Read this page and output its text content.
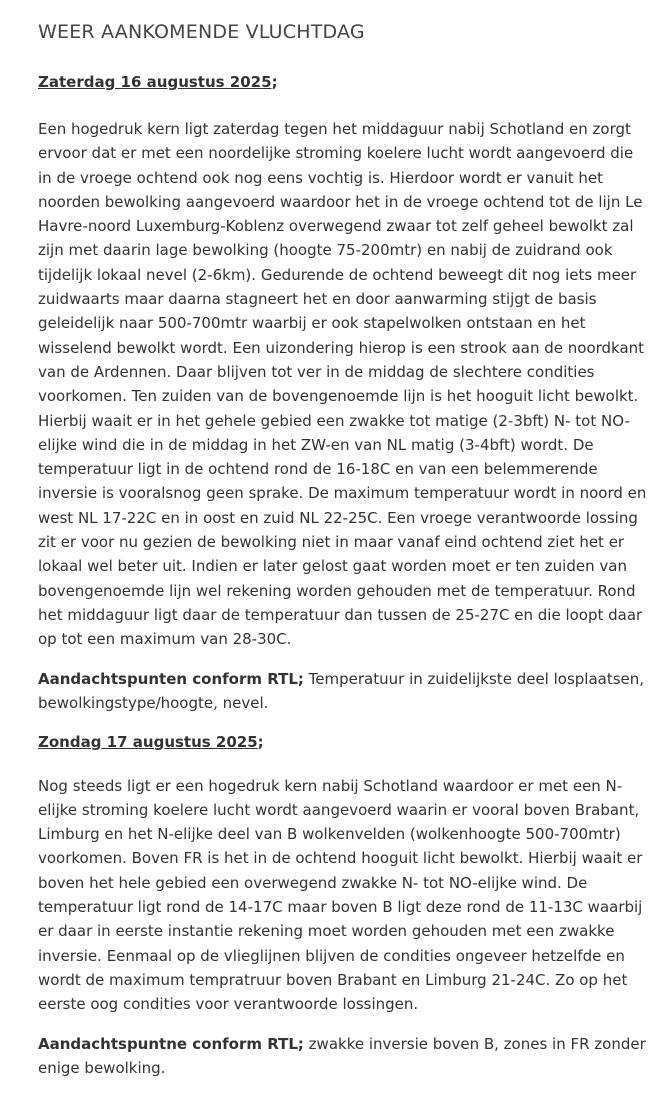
WEER AANKOMENDE VLUCHTDAG

Zaterdag 16 augustus 2025;

Een hogedruk kern ligt zaterdag tegen het middaguur nabij Schotland en zorgt ervoor dat er met een noordelijke stroming koelere lucht wordt aangevoerd die in de vroege ochtend ook nog eens vochtig is. Hierdoor wordt er vanuit het noorden bewolking aangevoerd waardoor het in de vroege ochtend tot de lijn Le Havre-noord Luxemburg-Koblenz overwegend zwaar tot zelf geheel bewolkt zal zijn met daarin lage bewolking (hoogte 75-200mtr) en nabij de zuidrand ook tijdelijk lokaal nevel (2-6km). Gedurende de ochtend beweegt dit nog iets meer zuidwaarts maar daarna stagneert het en door aanwarming stijgt de basis geleidelijk naar 500-700mtr waarbij er ook stapelwolken ontstaan en het wisselend bewolkt wordt. Een uizondering hierop is een strook aan de noordkant van de Ardennen. Daar blijven tot ver in de middag de slechtere condities voorkomen. Ten zuiden van de bovengenoemde lijn is het hooguit licht bewolkt. Hierbij waait er in het gehele gebied een zwakke tot matige (2-3bft) N- tot NO-elijke wind die in de middag in het ZW-en van NL matig (3-4bft) wordt. De temperatuur ligt in de ochtend rond de 16-18C en van een belemmerende inversie is vooralsnog geen sprake. De maximum temperatuur wordt in noord en west NL 17-22C en in oost en zuid NL 22-25C. Een vroege verantwoorde lossing zit er voor nu gezien de bewolking niet in maar vanaf eind ochtend ziet het er lokaal wel beter uit. Indien er later gelost gaat worden moet er ten zuiden van bovengenoemde lijn wel rekening worden gehouden met de temperatuur. Rond het middaguur ligt daar de temperatuur dan tussen de 25-27C en die loopt daar op tot een maximum van 28-30C.

Aandachtspunten conform RTL; Temperatuur in zuidelijkste deel losplaatsen, bewolkingstype/hoogte, nevel.

Zondag 17 augustus 2025;

Nog steeds ligt er een hogedruk kern nabij Schotland waardoor er met een N-elijke stroming koelere lucht wordt aangevoerd waarin er vooral boven Brabant, Limburg en het N-elijke deel van B wolkenvelden (wolkenhoogte 500-700mtr) voorkomen. Boven FR is het in de ochtend hooguit licht bewolkt. Hierbij waait er boven het hele gebied een overwegend zwakke N- tot NO-elijke wind. De temperatuur ligt rond de 14-17C maar boven B ligt deze rond de 11-13C waarbij er daar in eerste instantie rekening moet worden gehouden met een zwakke inversie. Eenmaal op de vlieglijnen blijven de condities ongeveer hetzelfde en wordt de maximum tempratruur boven Brabant en Limburg 21-24C. Zo op het eerste oog condities voor verantwoorde lossingen.

Aandachtspuntne conform RTL; zwakke inversie boven B, zones in FR zonder enige bewolking.
